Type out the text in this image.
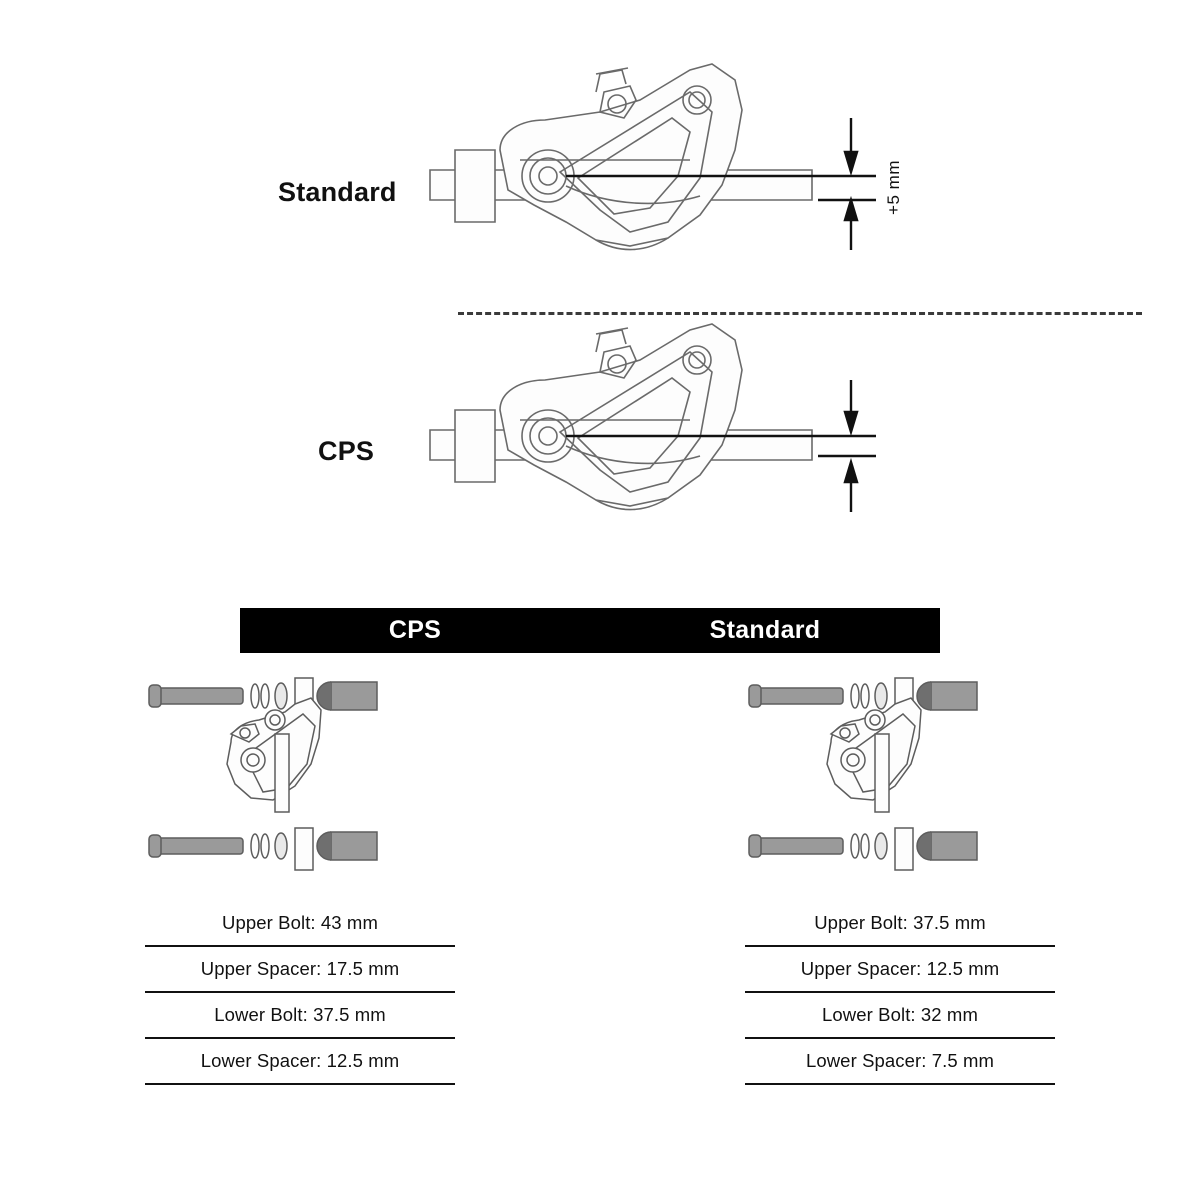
Standard	+5 mm
CPS
CPS	Standard
Upper Bolt: 43 mm
Upper Spacer: 17.5 mm
Lower Bolt: 37.5 mm
Lower Spacer: 12.5 mm
Upper Bolt: 37.5 mm
Upper Spacer: 12.5 mm
Lower Bolt: 32 mm
Lower Spacer: 7.5 mm
